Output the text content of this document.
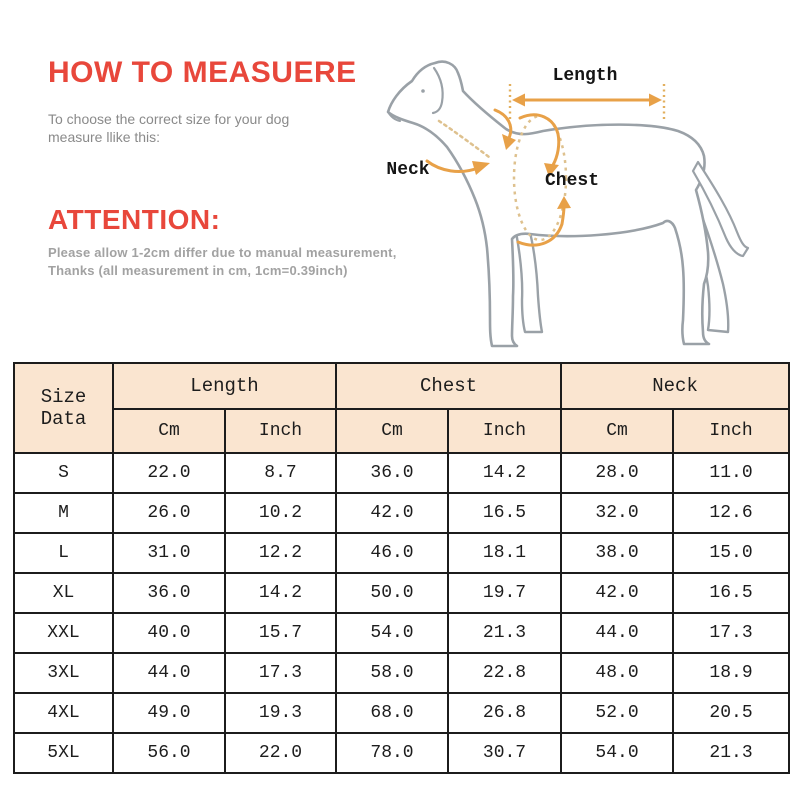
HOW TO MEASUERE
To choose the correct size for your dog
measure llike this:
ATTENTION:
Please allow 1-2cm differ due to manual measurement,
Thanks (all measurement in cm, 1cm=0.39inch)
Length
Neck
Chest
Size Data	Length		Chest		Neck	
	Cm	Inch	Cm	Inch	Cm	Inch
S	22.0	8.7	36.0	14.2	28.0	11.0
M	26.0	10.2	42.0	16.5	32.0	12.6
L	31.0	12.2	46.0	18.1	38.0	15.0
XL	36.0	14.2	50.0	19.7	42.0	16.5
XXL	40.0	15.7	54.0	21.3	44.0	17.3
3XL	44.0	17.3	58.0	22.8	48.0	18.9
4XL	49.0	19.3	68.0	26.8	52.0	20.5
5XL	56.0	22.0	78.0	30.7	54.0	21.3
